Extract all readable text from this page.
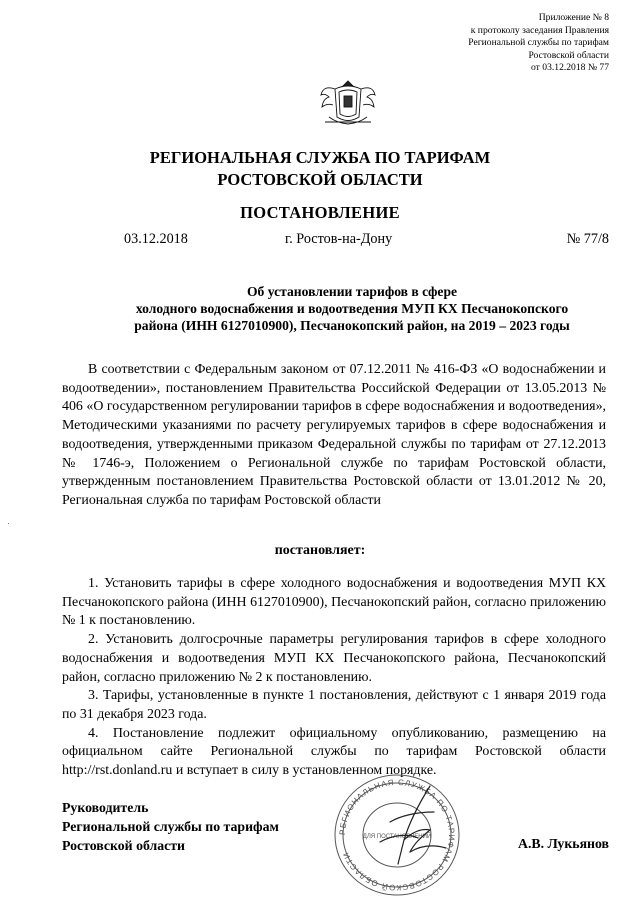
Приложение № 8
к протоколу заседания Правления
Региональной службы по тарифам
Ростовской области
от 03.12.2018 № 77
РЕГИОНАЛЬНАЯ СЛУЖБА ПО ТАРИФАМ
РОСТОВСКОЙ ОБЛАСТИ
ПОСТАНОВЛЕНИЕ
03.12.2018	г. Ростов-на-Дону	№ 77/8
Об установлении тарифов в сфере
холодного водоснабжения и водоотведения МУП КХ Песчанокопского
района (ИНН 6127010900), Песчанокопский район, на 2019 – 2023 годы

В соответствии с Федеральным законом от 07.12.2011 № 416-ФЗ «О водоснабжении и водоотведении», постановлением Правительства Российской Федерации от 13.05.2013 № 406 «О государственном регулировании тарифов в сфере водоснабжения и водоотведения», Методическими указаниями по расчету регулируемых тарифов в сфере водоснабжения и водоотведения, утвержденными приказом Федеральной службы по тарифам от 27.12.2013 № 1746-э, Положением о Региональной службе по тарифам Ростовской области, утвержденным постановлением Правительства Ростовской области от 13.01.2012 № 20, Региональная служба по тарифам Ростовской области

постановляет:

1. Установить тарифы в сфере холодного водоснабжения и водоотведения МУП КХ Песчанокопского района (ИНН 6127010900), Песчанокопский район, согласно приложению № 1 к постановлению.

2. Установить долгосрочные параметры регулирования тарифов в сфере холодного водоснабжения и водоотведения МУП КХ Песчанокопского района, Песчанокопский район, согласно приложению № 2 к постановлению.

3. Тарифы, установленные в пункте 1 постановления, действуют с 1 января 2019 года по 31 декабря 2023 года.

4. Постановление подлежит официальному опубликованию, размещению на официальном сайте Региональной службы по тарифам Ростовской области http://rst.donland.ru и вступает в силу в установленном порядке.

Руководитель
Региональной службы по тарифам
Ростовской области
РЕГИОНАЛЬНАЯ СЛУЖБА ПО ТАРИФАМ РОСТОВСКОЙ ОБЛАСТИ
ДЛЯ ПОСТАНОВЛЕНИЙ	А.В. Лукьянов
